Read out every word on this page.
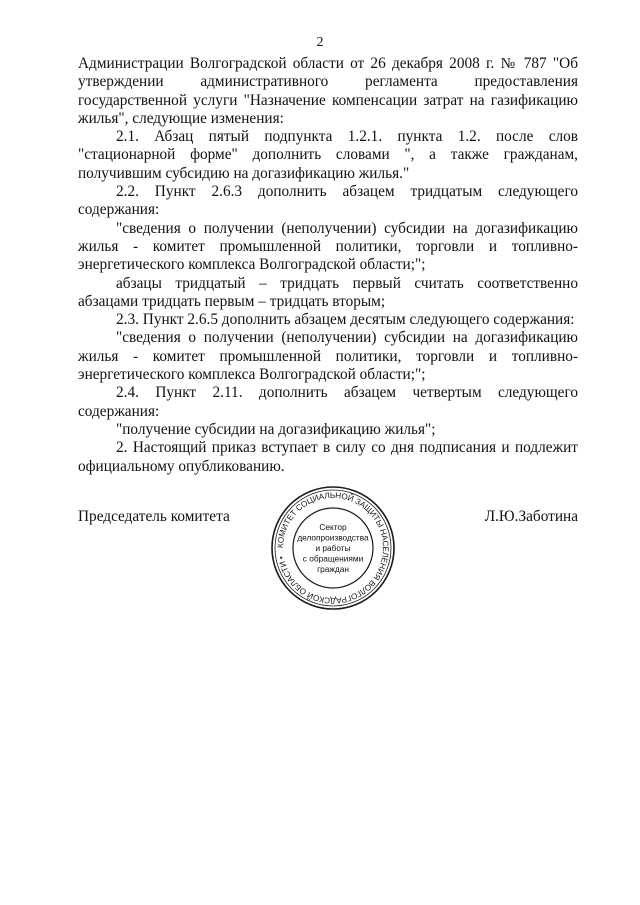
2

Администрации Волгоградской области от 26 декабря 2008 г. № 787 "Об утверждении административного регламента предоставления государственной услуги "Назначение компенсации затрат на газификацию жилья", следующие изменения:

2.1. Абзац пятый подпункта 1.2.1. пункта 1.2. после слов "стационарной форме" дополнить словами ", а также гражданам, получившим субсидию на догазификацию жилья."

2.2. Пункт 2.6.3 дополнить абзацем тридцатым следующего содержания:

"сведения о получении (неполучении) субсидии на догазификацию жилья - комитет промышленной политики, торговли и топливно-энергетического комплекса Волгоградской области;";

абзацы тридцатый – тридцать первый считать соответственно абзацами тридцать первым – тридцать вторым;

2.3. Пункт 2.6.5 дополнить абзацем десятым следующего содержания:

"сведения о получении (неполучении) субсидии на догазификацию жилья - комитет промышленной политики, торговли и топливно-энергетического комплекса Волгоградской области;";

2.4. Пункт 2.11. дополнить абзацем четвертым следующего содержания:

"получение субсидии на догазификацию жилья";

2. Настоящий приказ вступает в силу со дня подписания и подлежит официальному опубликованию.

Председатель комитета	Л.Ю.Заботина
КОМИТЕТ СОЦИАЛЬНОЙ ЗАЩИТЫ НАСЕЛЕНИЯ ВОЛГОГРАДСКОЙ ОБЛАСТИ •
Сектор
делопроизводства
и работы
с обращениями
граждан
